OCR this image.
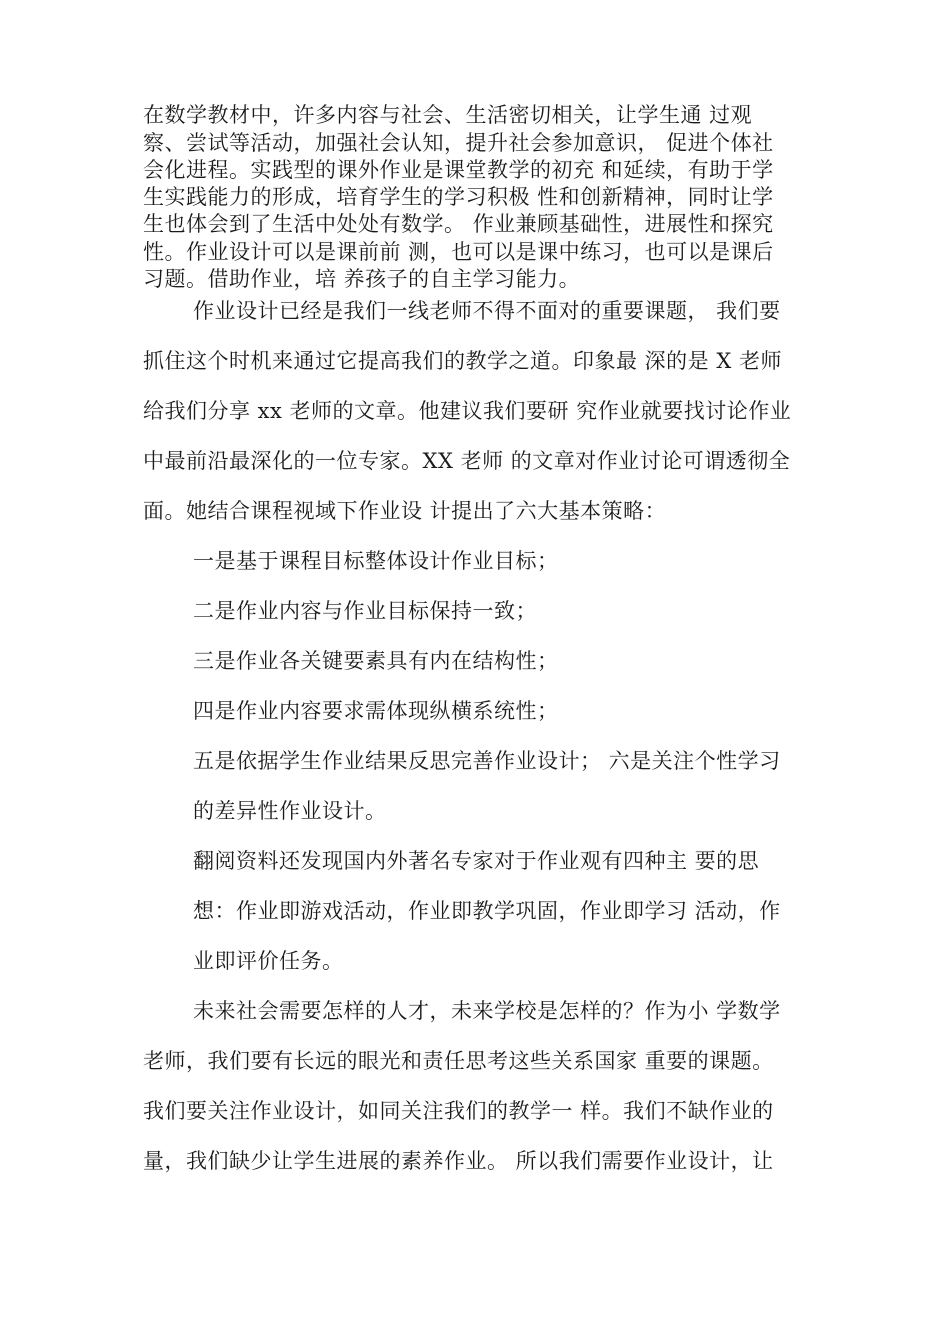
在数学教材中，许多内容与社会、生活密切相关，让学生通 过观
察、尝试等活动，加强社会认知，提升社会参加意识， 促进个体社
会化进程。实践型的课外作业是课堂教学的初充 和延续，有助于学
生实践能力的形成，培育学生的学习积极 性和创新精神，同时让学
生也体会到了生活中处处有数学。 作业兼顾基础性，进展性和探究
性。作业设计可以是课前前 测，也可以是课中练习，也可以是课后
习题。借助作业，培 养孩子的自主学习能力。
作业设计已经是我们一线老师不得不面对的重要课题， 我们要
抓住这个时机来通过它提高我们的教学之道。印象最 深的是 X 老师
给我们分享 xx 老师的文章。他建议我们要研 究作业就要找讨论作业
中最前沿最深化的一位专家。XX 老师 的文章对作业讨论可谓透彻全
面。她结合课程视域下作业设 计提出了六大基本策略：
一是基于课程目标整体设计作业目标；
二是作业内容与作业目标保持一致；
三是作业各关键要素具有内在结构性；
四是作业内容要求需体现纵横系统性；
五是依据学生作业结果反思完善作业设计； 六是关注个性学习
的差异性作业设计。
翻阅资料还发现国内外著名专家对于作业观有四种主 要的思
想：作业即游戏活动，作业即教学巩固，作业即学习 活动，作
业即评价任务。
未来社会需要怎样的人才，未来学校是怎样的？作为小 学数学
老师，我们要有长远的眼光和责任思考这些关系国家 重要的课题。
我们要关注作业设计，如同关注我们的教学一 样。我们不缺作业的
量，我们缺少让学生进展的素养作业。 所以我们需要作业设计，让
